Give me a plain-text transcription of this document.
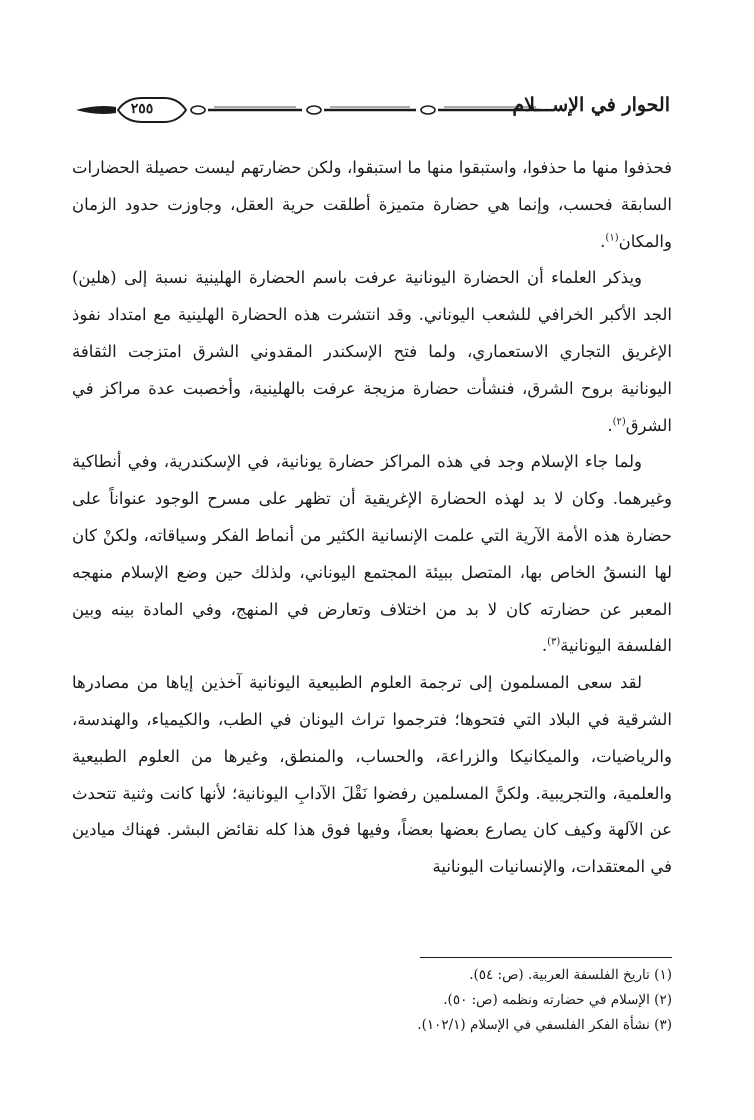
٢٥٥	الحوار في الإســـلام

فحذفوا منها ما حذفوا، واستبقوا منها ما استبقوا، ولكن حضارتهم ليست حصيلة الحضارات السابقة فحسب، وإنما هي حضارة متميزة أطلقت حرية العقل، وجاوزت حدود الزمان والمكان$^{(١)}$.

ويذكر العلماء أن الحضارة اليونانية عرفت باسم الحضارة الهلينية نسبة إلى (هلين) الجد الأكبر الخرافي للشعب اليوناني. وقد انتشرت هذه الحضارة الهلينية مع امتداد نفوذ الإغريق التجاري الاستعماري، ولما فتح الإسكندر المقدوني الشرق امتزجت الثقافة اليونانية بروح الشرق، فنشأت حضارة مزيجة عرفت بالهلينية، وأخصبت عدة مراكز في الشرق$^{(٢)}$.

ولما جاء الإسلام وجد في هذه المراكز حضارة يونانية، في الإسكندرية، وفي أنطاكية وغيرهما. وكان لا بد لهذه الحضارة الإغريقية أن تظهر على مسرح الوجود عنواناً على حضارة هذه الأمة الآرية التي علمت الإنسانية الكثير من أنماط الفكر وسياقاته، ولكنْ كان لها النسقُ الخاص بها، المتصل ببيئة المجتمع اليوناني، ولذلك حين وضع الإسلام منهجه المعبر عن حضارته كان لا بد من اختلاف وتعارض في المنهج، وفي المادة بينه وبين الفلسفة اليونانية$^{(٣)}$.

لقد سعى المسلمون إلى ترجمة العلوم الطبيعية اليونانية آخذين إياها من مصادرها الشرقية في البلاد التي فتحوها؛ فترجموا تراث اليونان في الطب، والكيمياء، والهندسة، والرياضيات، والميكانيكا والزراعة، والحساب، والمنطق، وغيرها من العلوم الطبيعية والعلمية، والتجريبية. ولكنَّ المسلمين رفضوا نَقْلَ الآدابِ اليونانية؛ لأنها كانت وثنية تتحدث عن الآلهة وكيف كان يصارع بعضها بعضاً، وفيها فوق هذا كله نقائض البشر. فهناك ميادين في المعتقدات، والإنسانيات اليونانية

(١) تاريخ الفلسفة العربية. (ص: ٥٤).
(٢) الإسلام في حضارته ونظمه (ص: ٥٠).
(٣) نشأة الفكر الفلسفي في الإسلام (١٠٢/١).
